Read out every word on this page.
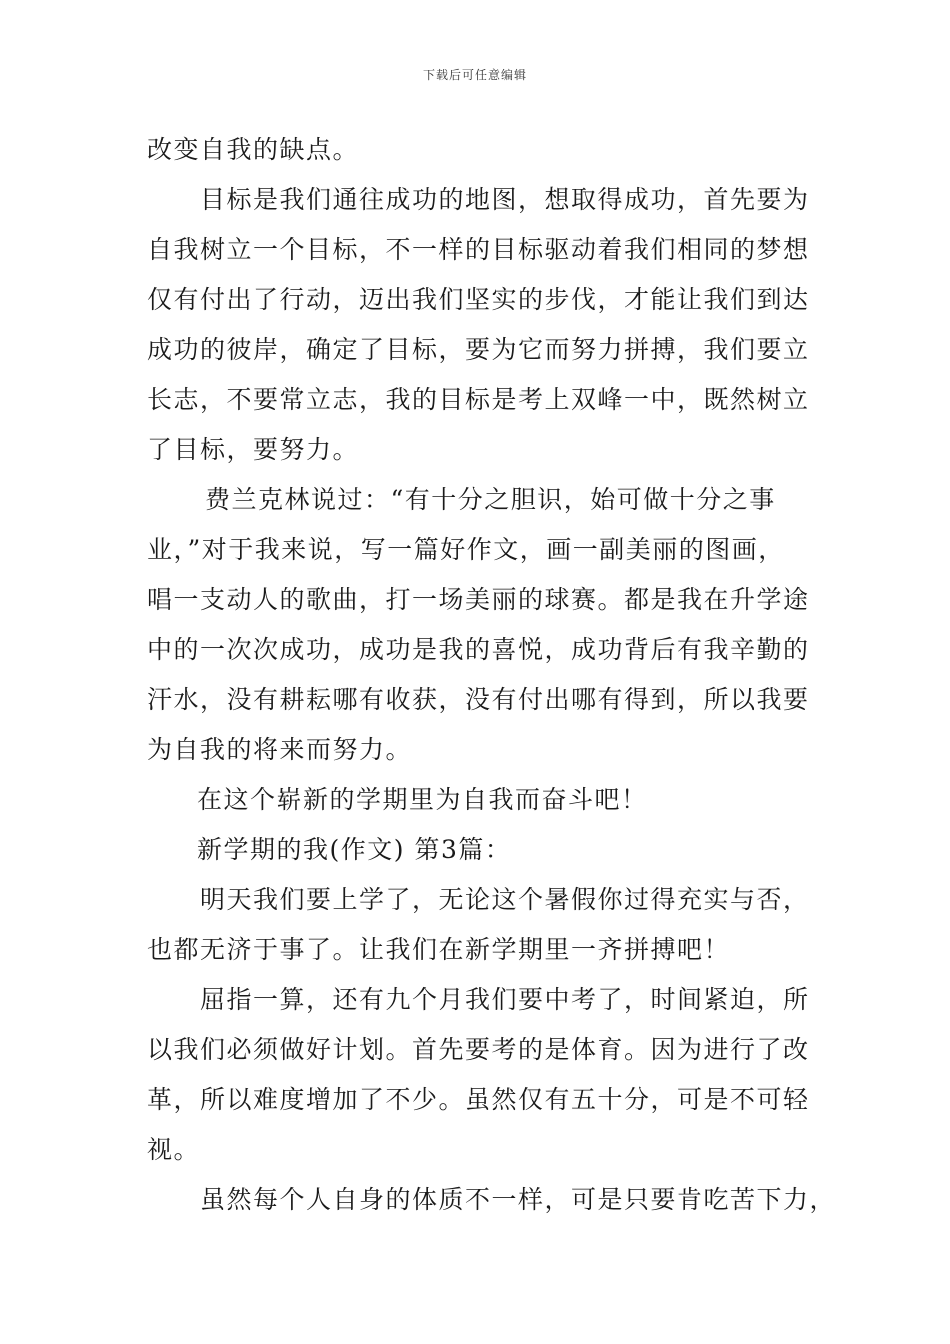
下载后可任意编辑
改变自我的缺点。
目标是我们通往成功的地图，想取得成功，首先要为
自我树立一个目标，不一样的目标驱动着我们相同的梦想
仅有付出了行动，迈出我们坚实的步伐，才能让我们到达
成功的彼岸，确定了目标，要为它而努力拼搏，我们要立
长志，不要常立志，我的目标是考上双峰一中，既然树立
了目标，要努力。
费兰克林说过：“有十分之胆识，始可做十分之事
业，”对于我来说，写一篇好作文，画一副美丽的图画，
唱一支动人的歌曲，打一场美丽的球赛。都是我在升学途
中的一次次成功，成功是我的喜悦，成功背后有我辛勤的
汗水，没有耕耘哪有收获，没有付出哪有得到，所以我要
为自我的将来而努力。
在这个崭新的学期里为自我而奋斗吧！
新学期的我(作文) 第3篇：
明天我们要上学了，无论这个暑假你过得充实与否，
也都无济于事了。让我们在新学期里一齐拼搏吧！
屈指一算，还有九个月我们要中考了，时间紧迫，所
以我们必须做好计划。首先要考的是体育。因为进行了改
革，所以难度增加了不少。虽然仅有五十分，可是不可轻
视。
虽然每个人自身的体质不一样，可是只要肯吃苦下力，
